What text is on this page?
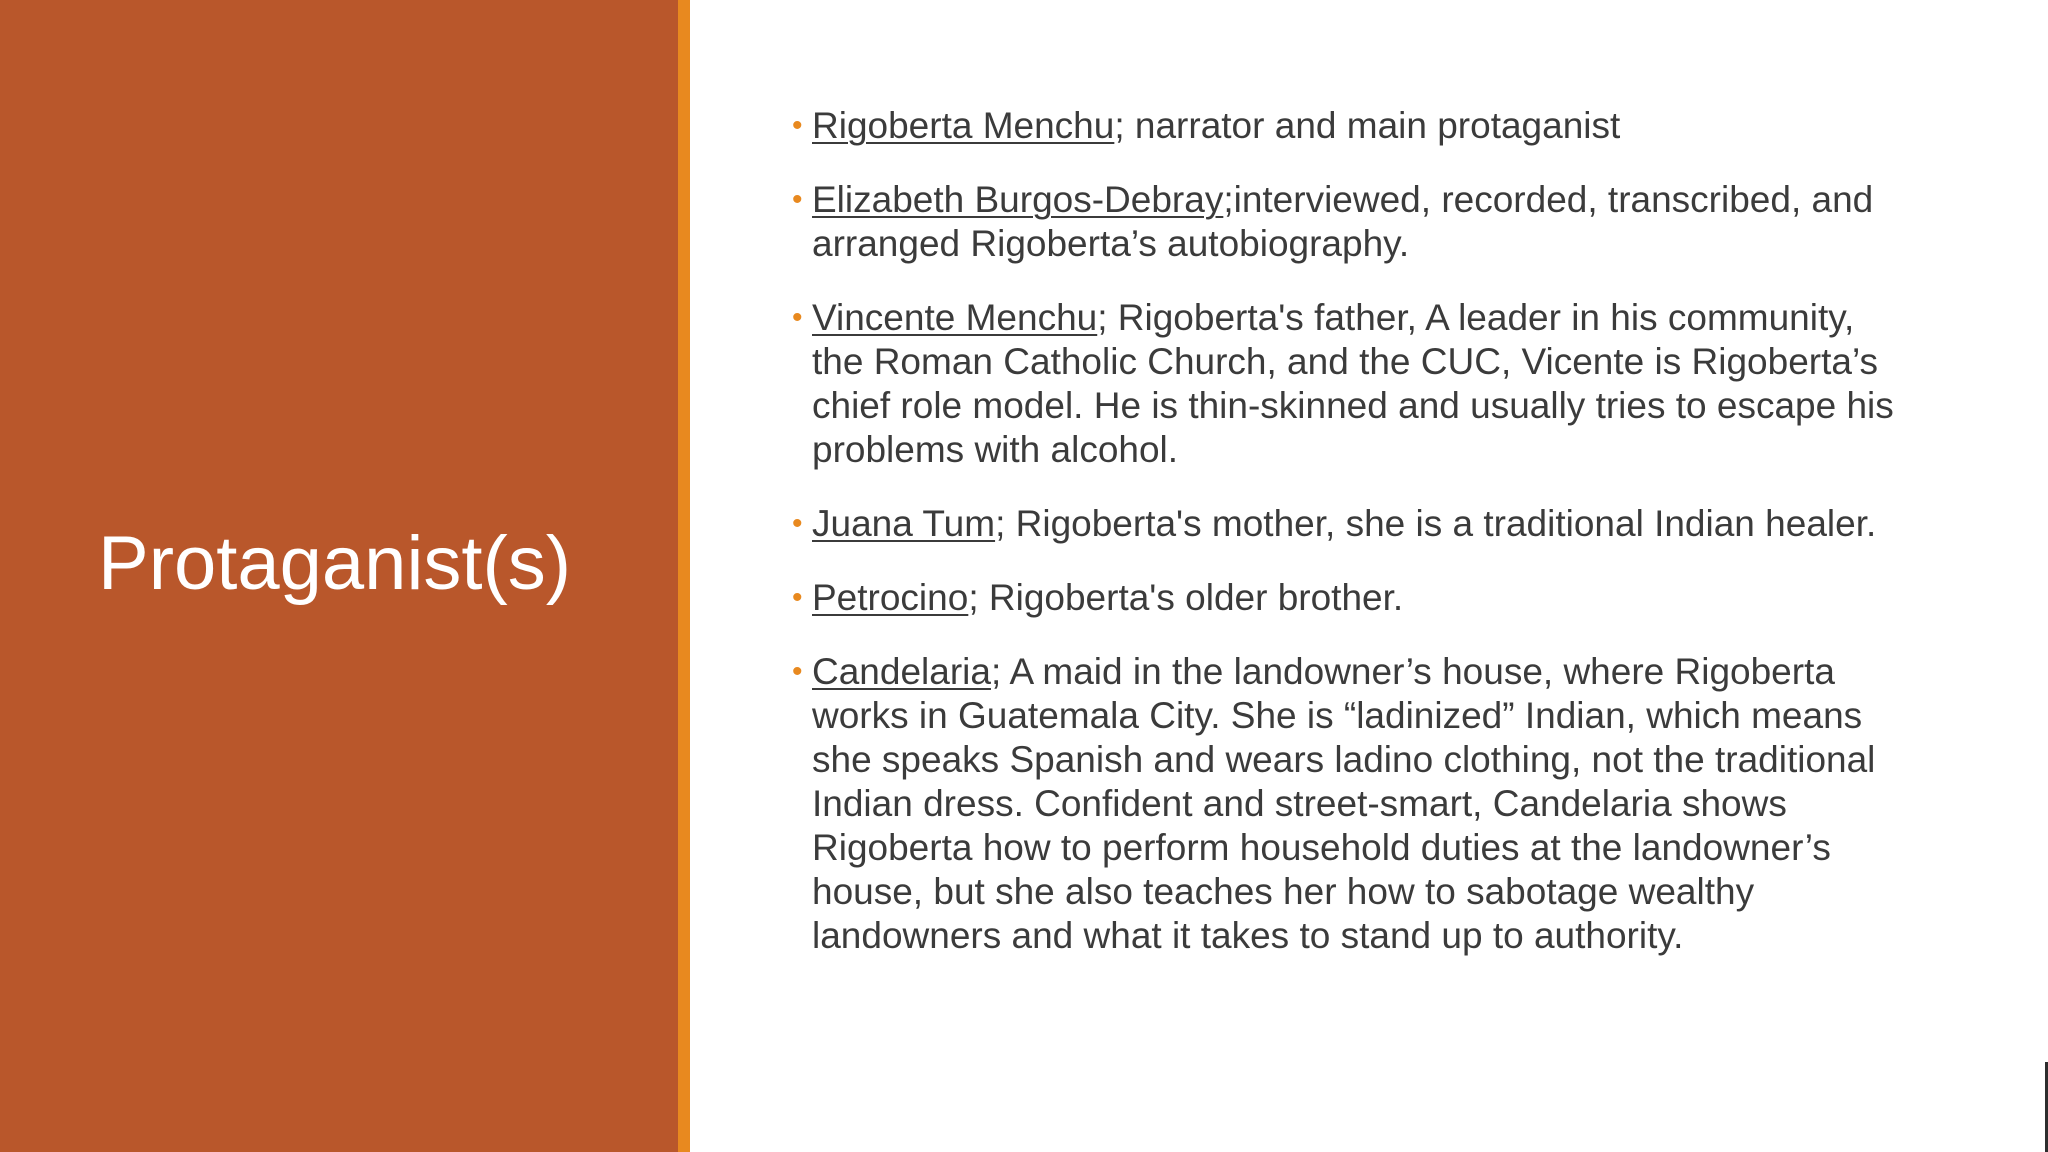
Protaganist(s)
• Rigoberta Menchu; narrator and main protaganist
• Elizabeth Burgos-Debray;interviewed, recorded, transcribed, and arranged Rigoberta’s autobiography.
• Vincente Menchu; Rigoberta's father, A leader in his community, the Roman Catholic Church, and the CUC, Vicente is Rigoberta’s chief role model. He is thin-skinned and usually tries to escape his problems with alcohol.
• Juana Tum; Rigoberta's mother, she is a traditional Indian healer.
• Petrocino; Rigoberta's older brother.
• Candelaria; A maid in the landowner’s house, where Rigoberta works in Guatemala City. She is “ladinized” Indian, which means she speaks Spanish and wears ladino clothing, not the traditional Indian dress. Confident and street-smart, Candelaria shows Rigoberta how to perform household duties at the landowner’s house, but she also teaches her how to sabotage wealthy landowners and what it takes to stand up to authority.
